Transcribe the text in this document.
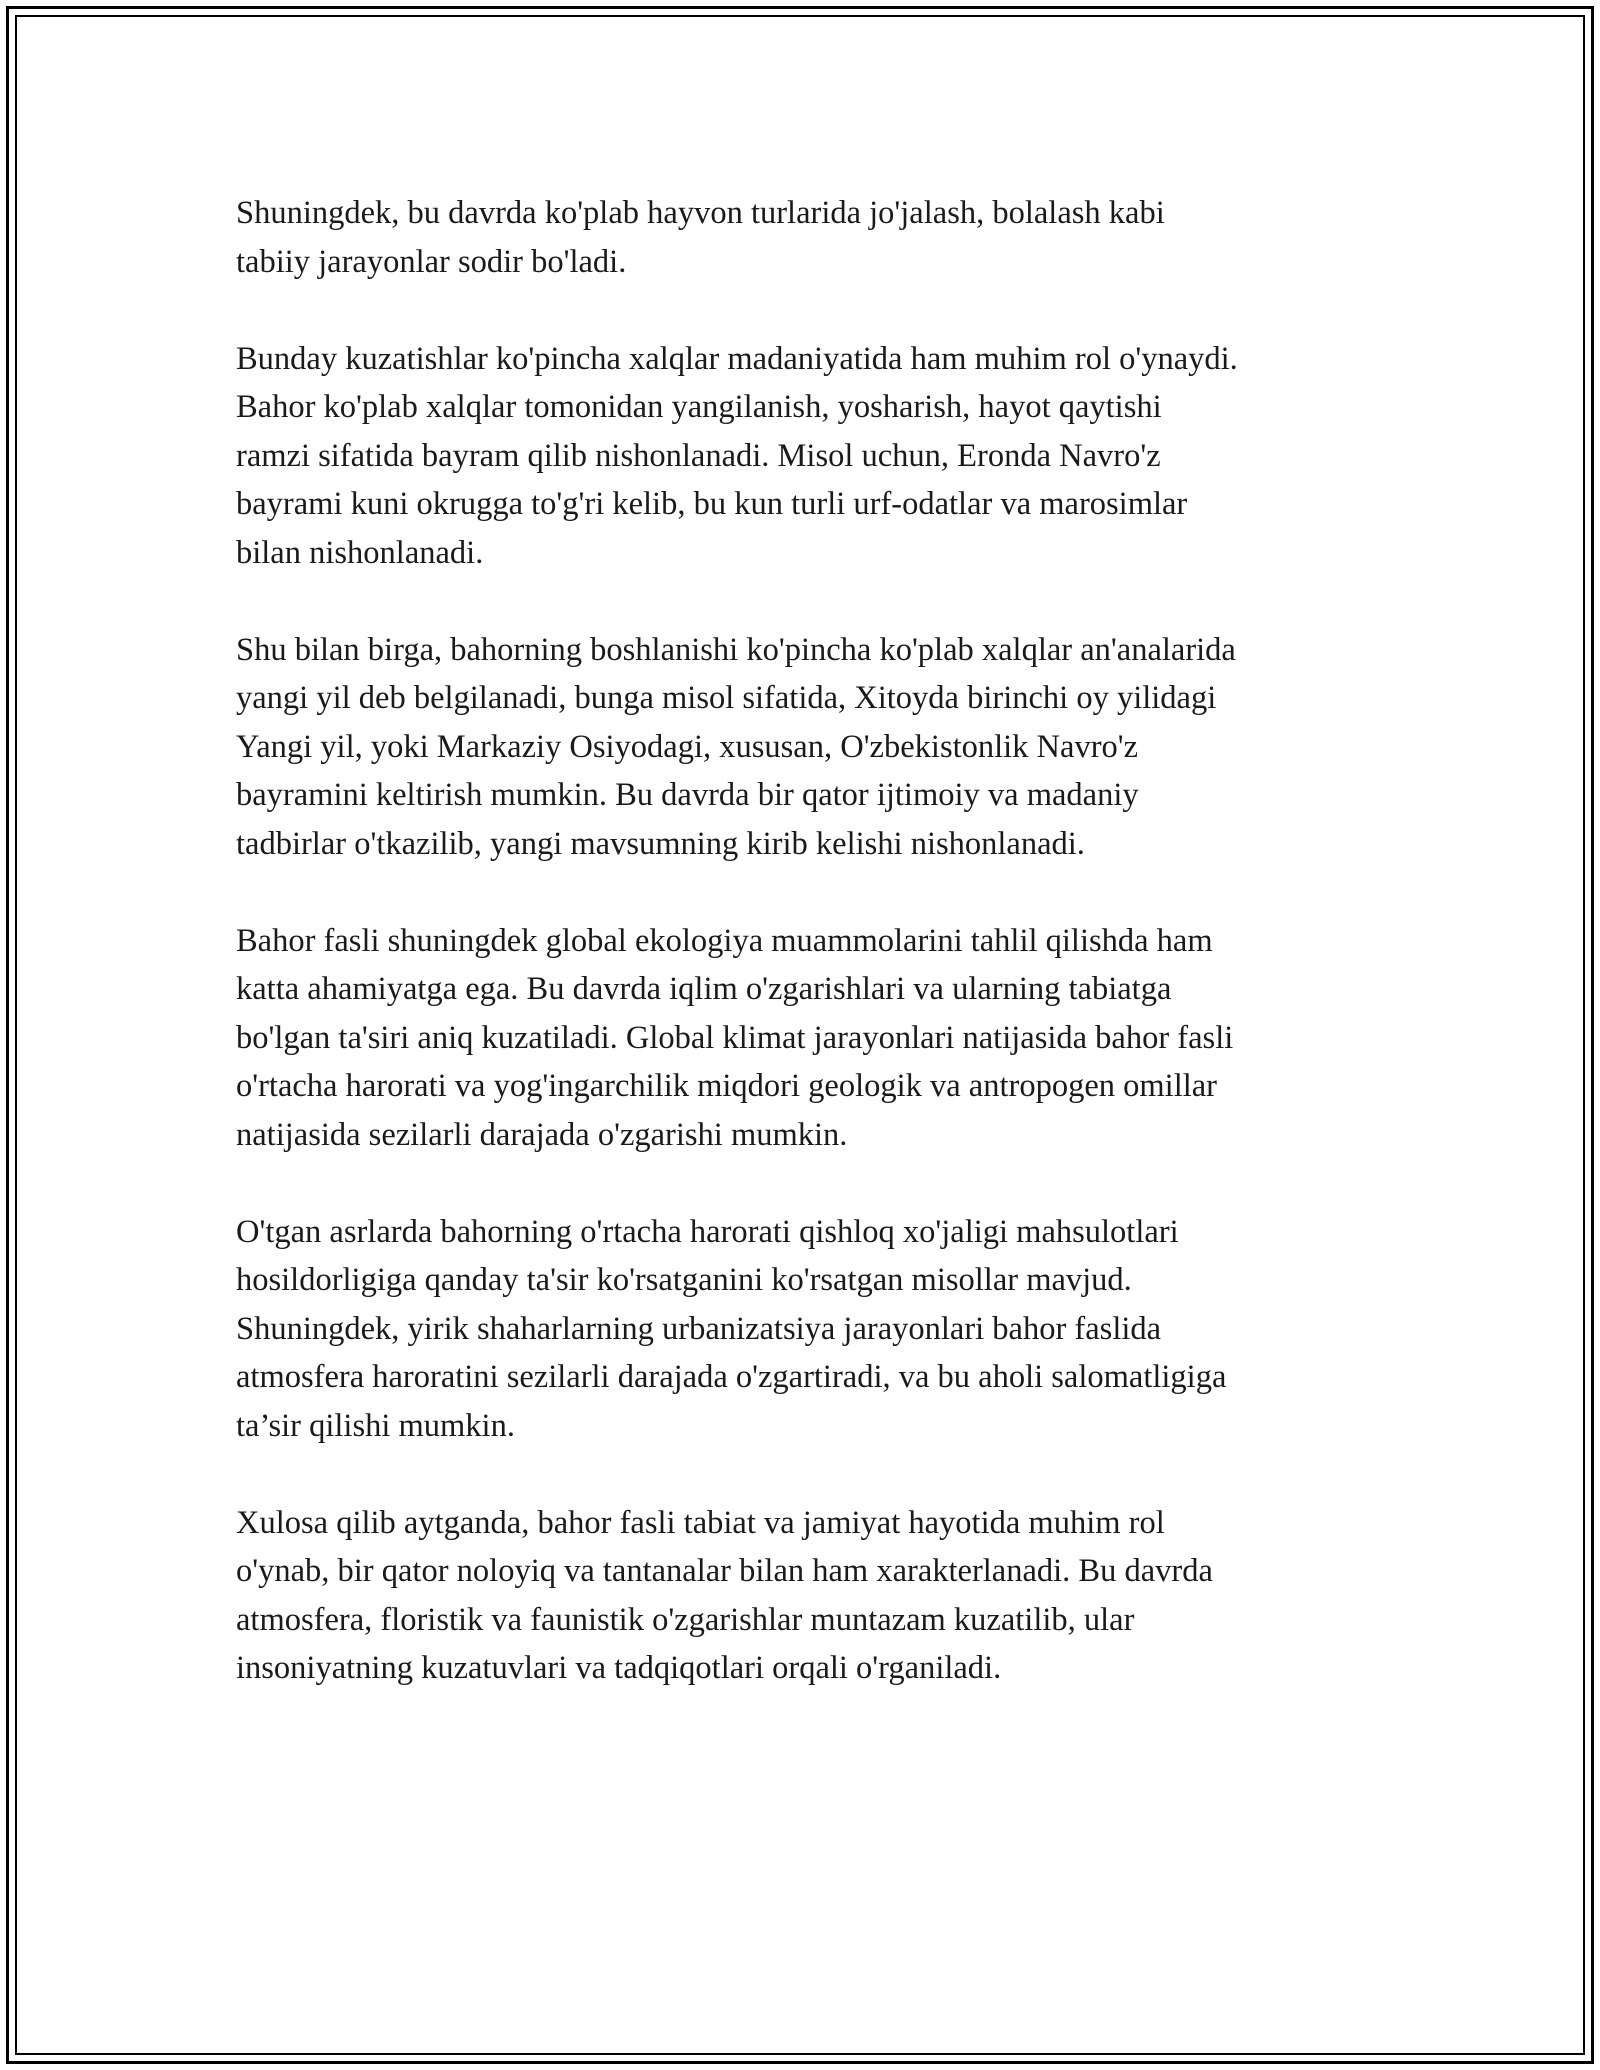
Shuningdek, bu davrda ko'plab hayvon turlarida jo'jalash, bolalash kabi
tabiiy jarayonlar sodir bo'ladi.

Bunday kuzatishlar ko'pincha xalqlar madaniyatida ham muhim rol o'ynaydi.
Bahor ko'plab xalqlar tomonidan yangilanish, yosharish, hayot qaytishi
ramzi sifatida bayram qilib nishonlanadi. Misol uchun, Eronda Navro'z
bayrami kuni okrugga to'g'ri kelib, bu kun turli urf-odatlar va marosimlar
bilan nishonlanadi.

Shu bilan birga, bahorning boshlanishi ko'pincha ko'plab xalqlar an'analarida
yangi yil deb belgilanadi, bunga misol sifatida, Xitoyda birinchi oy yilidagi
Yangi yil, yoki Markaziy Osiyodagi, xususan, O'zbekistonlik Navro'z
bayramini keltirish mumkin. Bu davrda bir qator ijtimoiy va madaniy
tadbirlar o'tkazilib, yangi mavsumning kirib kelishi nishonlanadi.

Bahor fasli shuningdek global ekologiya muammolarini tahlil qilishda ham
katta ahamiyatga ega. Bu davrda iqlim o'zgarishlari va ularning tabiatga
bo'lgan ta'siri aniq kuzatiladi. Global klimat jarayonlari natijasida bahor fasli
o'rtacha harorati va yog'ingarchilik miqdori geologik va antropogen omillar
natijasida sezilarli darajada o'zgarishi mumkin.

O'tgan asrlarda bahorning o'rtacha harorati qishloq xo'jaligi mahsulotlari
hosildorligiga qanday ta'sir ko'rsatganini ko'rsatgan misollar mavjud.
Shuningdek, yirik shaharlarning urbanizatsiya jarayonlari bahor faslida
atmosfera haroratini sezilarli darajada o'zgartiradi, va bu aholi salomatligiga
ta’sir qilishi mumkin.

Xulosa qilib aytganda, bahor fasli tabiat va jamiyat hayotida muhim rol
o'ynab, bir qator noloyiq va tantanalar bilan ham xarakterlanadi. Bu davrda
atmosfera, floristik va faunistik o'zgarishlar muntazam kuzatilib, ular
insoniyatning kuzatuvlari va tadqiqotlari orqali o'rganiladi.
